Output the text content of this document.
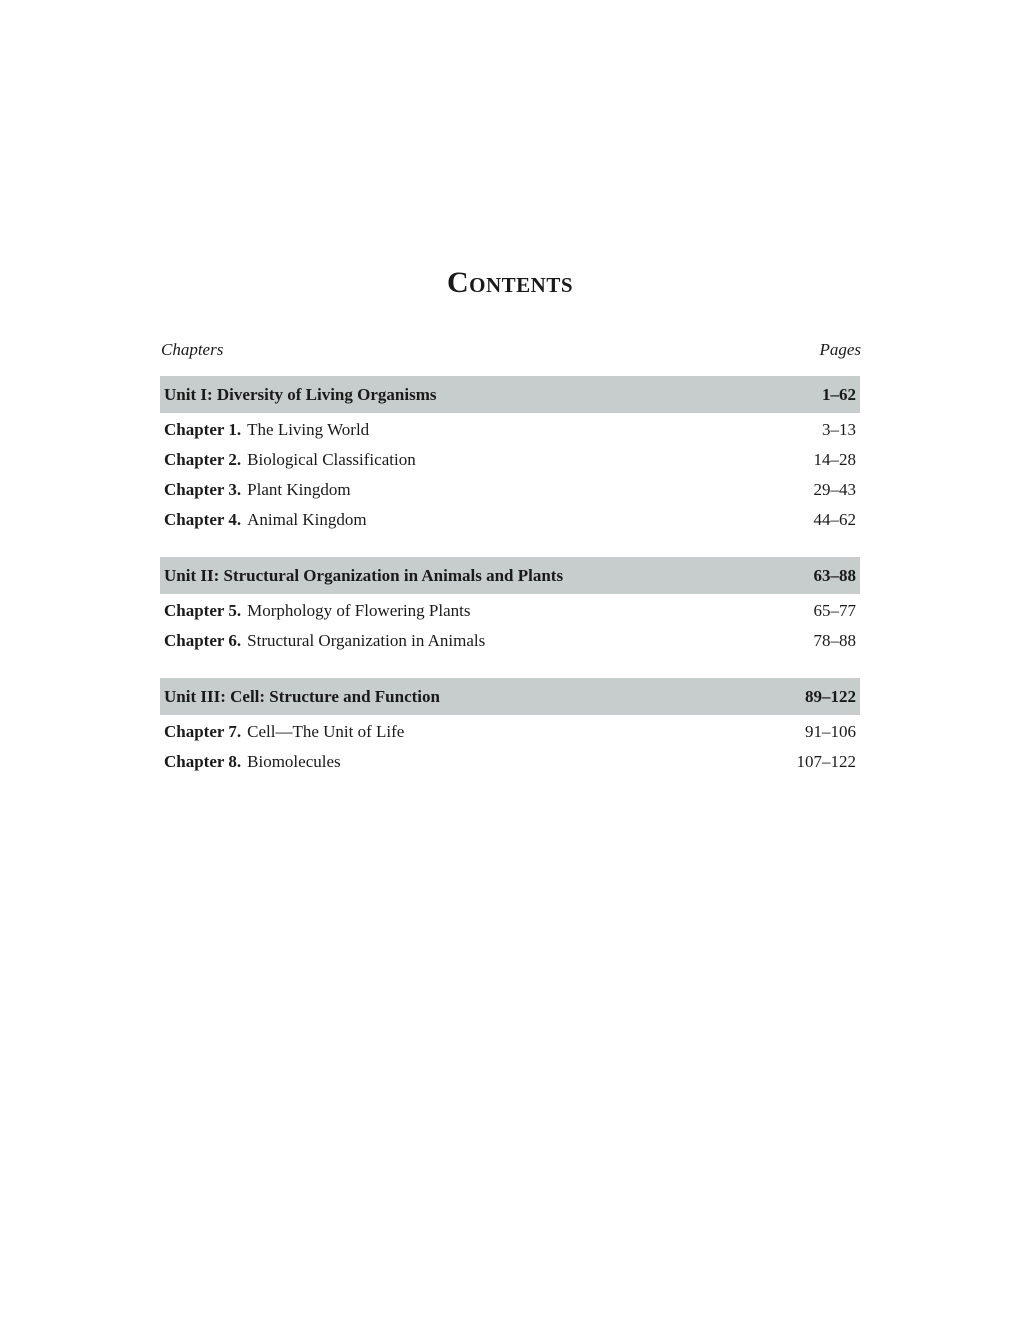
Contents
Chapters	Pages
Unit I: Diversity of Living Organisms	1–62
Chapter 1. The Living World	3–13
Chapter 2. Biological Classification	14–28
Chapter 3. Plant Kingdom	29–43
Chapter 4. Animal Kingdom	44–62
Unit II: Structural Organization in Animals and Plants	63–88
Chapter 5. Morphology of Flowering Plants	65–77
Chapter 6. Structural Organization in Animals	78–88
Unit III: Cell: Structure and Function	89–122
Chapter 7. Cell—The Unit of Life	91–106
Chapter 8. Biomolecules	107–122
